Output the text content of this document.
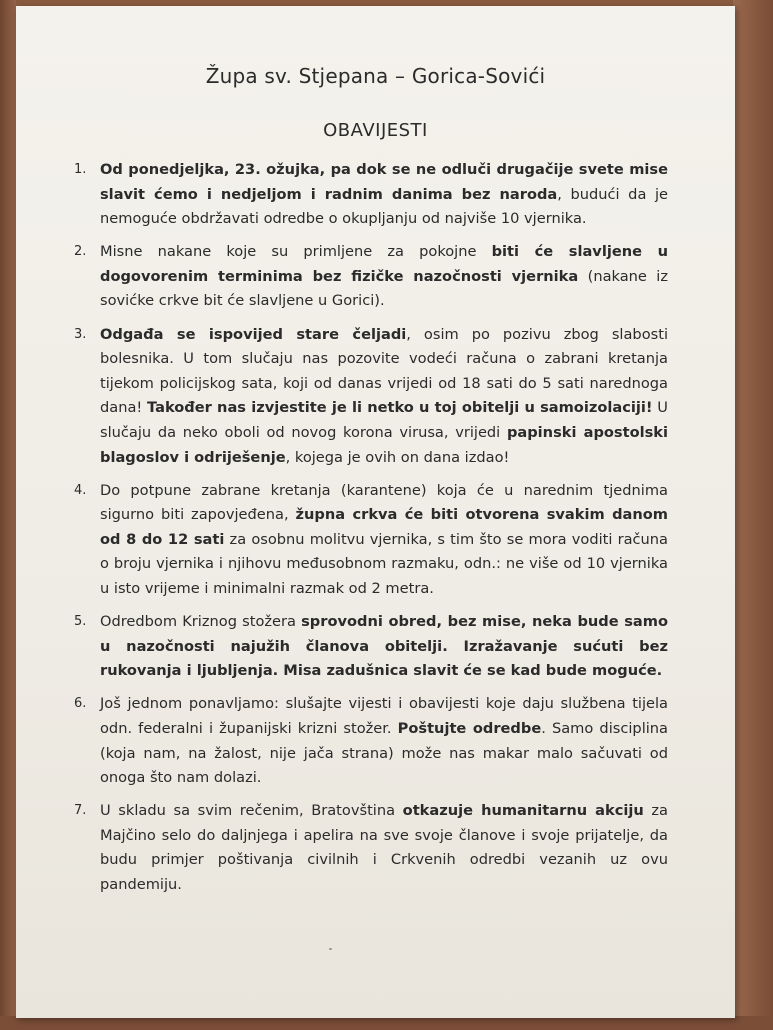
Župa sv. Stjepana – Gorica-Sovići
OBAVIJESTI
1. Od ponedjeljka, 23. ožujka, pa dok se ne odluči drugačije svete mise slavit ćemo i nedjeljom i radnim danima bez naroda, budući da je nemoguće obdržavati odredbe o okupljanju od najviše 10 vjernika.
2. Misne nakane koje su primljene za pokojne biti će slavljene u dogovorenim terminima bez fizičke nazočnosti vjernika (nakane iz sovićke crkve bit će slavljene u Gorici).
3. Odgađa se ispovijed stare čeljadi, osim po pozivu zbog slabosti bolesnika. U tom slučaju nas pozovite vodeći računa o zabrani kretanja tijekom policijskog sata, koji od danas vrijedi od 18 sati do 5 sati narednoga dana! Također nas izvjestite je li netko u toj obitelji u samoizolaciji! U slučaju da neko oboli od novog korona virusa, vrijedi papinski apostolski blagoslov i odriješenje, kojega je ovih on dana izdao!
4. Do potpune zabrane kretanja (karantene) koja će u narednim tjednima sigurno biti zapovjeđena, župna crkva će biti otvorena svakim danom od 8 do 12 sati za osobnu molitvu vjernika, s tim što se mora voditi računa o broju vjernika i njihovu međusobnom razmaku, odn.: ne više od 10 vjernika u isto vrijeme i minimalni razmak od 2 metra.
5. Odredbom Kriznog stožera sprovodni obred, bez mise, neka bude samo u nazočnosti najužih članova obitelji. Izražavanje sućuti bez rukovanja i ljubljenja. Misa zadušnica slavit će se kad bude moguće.
6. Još jednom ponavljamo: slušajte vijesti i obavijesti koje daju službena tijela odn. federalni i županijski krizni stožer. Poštujte odredbe. Samo disciplina (koja nam, na žalost, nije jača strana) može nas makar malo sačuvati od onoga što nam dolazi.
7. U skladu sa svim rečenim, Bratovština otkazuje humanitarnu akciju za Majčino selo do daljnjega i apelira na sve svoje članove i svoje prijatelje, da budu primjer poštivanja civilnih i Crkvenih odredbi vezanih uz ovu pandemiju.
